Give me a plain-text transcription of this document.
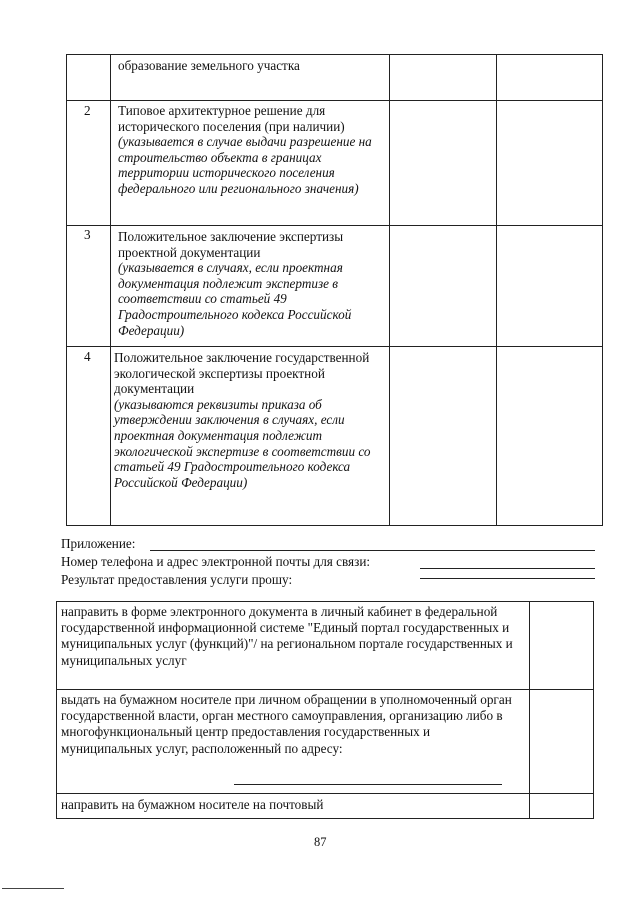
образование земельного участка
2 Типовое архитектурное решение для исторического поселения (при наличии)
(указывается в случае выдачи разрешение на строительство объекта в границах территории исторического поселения федерального или регионального значения)
3 Положительное заключение экспертизы проектной документации
(указывается в случаях, если проектная документация подлежит экспертизе в соответствии со статьей 49 Градостроительного кодекса Российской Федерации)
4 Положительное заключение государственной экологической экспертизы проектной документации
(указываются реквизиты приказа об утверждении заключения в случаях, если проектная документация подлежит экологической экспертизе в соответствии со статьей 49 Градостроительного кодекса Российской Федерации)
Приложение:
Номер телефона и адрес электронной почты для связи:
Результат предоставления услуги прошу:
направить в форме электронного документа в личный кабинет в федеральной государственной информационной системе "Единый портал государственных и муниципальных услуг (функций)"/ на региональном портале государственных и муниципальных услуг
выдать на бумажном носителе при личном обращении в уполномоченный орган государственной власти, орган местного самоуправления, организацию либо в многофункциональный центр предоставления государственных и муниципальных услуг, расположенный по адресу:
направить на бумажном носителе на почтовый
87
